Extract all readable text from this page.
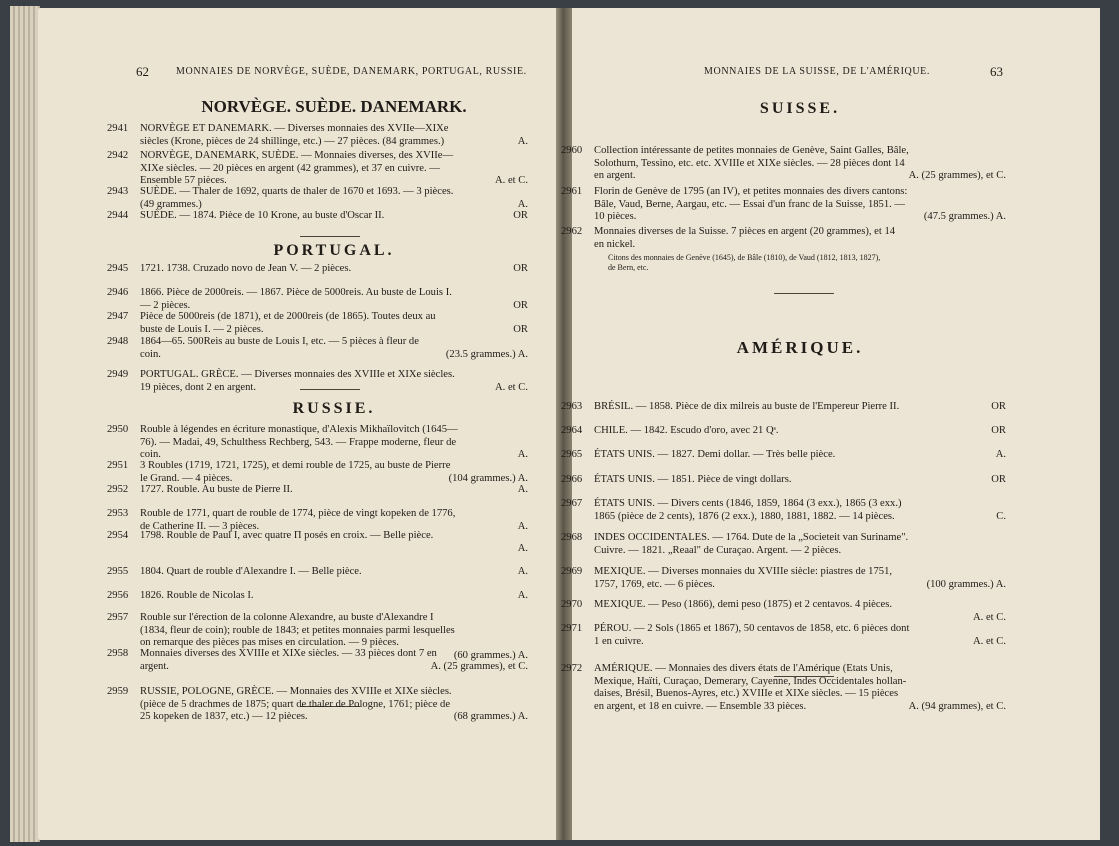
62	MONNAIES DE NORVÈGE, SUÈDE, DANEMARK, PORTUGAL, RUSSIE.
NORVÈGE. SUÈDE. DANEMARK.
2941	NORVÈGE ET DANEMARK. — Diverses monnaies des XVIIe—XIXe
siècles (Krone, pièces de 24 shillinge, etc.) — 27 pièces. (84 grammes.)	A.
2942	NORVÈGE, DANEMARK, SUÈDE. — Monnaies diverses, des XVIIe—
XIXe siècles. — 20 pièces en argent (42 grammes), et 37 en cuivre. —
Ensemble 57 pièces.	A. et C.
2943	SUÈDE. — Thaler de 1692, quarts de thaler de 1670 et 1693. — 3 pièces.
(49 grammes.)	A.
2944	SUÈDE. — 1874. Pièce de 10 Krone, au buste d'Oscar II.	OR
PORTUGAL.
2945	1721. 1738. Cruzado novo de Jean V. — 2 pièces.	OR
2946	1866. Pièce de 2000reis. — 1867. Pièce de 5000reis. Au buste de Louis I.
— 2 pièces.	OR
2947	Pièce de 5000reis (de 1871), et de 2000reis (de 1865). Toutes deux au
buste de Louis I. — 2 pièces.	OR
2948	1864—65. 500Reis au buste de Louis I, etc. — 5 pièces à fleur de
coin.	(23.5 grammes.) A.
2949	PORTUGAL. GRÈCE. — Diverses monnaies des XVIIIe et XIXe siècles.
19 pièces, dont 2 en argent.	A. et C.
RUSSIE.
2950	Rouble à légendes en écriture monastique, d'Alexis Mikhaïlovitch (1645—
76). — Madai, 49, Schulthess Rechberg, 543. — Frappe moderne, fleur de
coin.	A.
2951	3 Roubles (1719, 1721, 1725), et demi rouble de 1725, au buste de Pierre
le Grand. — 4 pièces.	(104 grammes.) A.
2952	1727. Rouble. Au buste de Pierre II.	A.
2953	Rouble de 1771, quart de rouble de 1774, pièce de vingt kopeken de 1776,
de Catherine II. — 3 pièces.	A.
2954	1798. Rouble de Paul I, avec quatre Π posés en croix. — Belle pièce.
A.
2955	1804. Quart de rouble d'Alexandre I. — Belle pièce.	A.
2956	1826. Rouble de Nicolas I.	A.
2957	Rouble sur l'érection de la colonne Alexandre, au buste d'Alexandre I
(1834, fleur de coin); rouble de 1843; et petites monnaies parmi lesquelles
on remarque des pièces pas mises en circulation. — 9 pièces.
(60 grammes.) A.
2958	Monnaies diverses des XVIIIe et XIXe siècles. — 33 pièces dont 7 en
argent.	A. (25 grammes), et C.
2959	RUSSIE, POLOGNE, GRÈCE. — Monnaies des XVIIIe et XIXe siècles.
(pièce de 5 drachmes de 1875; quart de thaler de Pologne, 1761; pièce de
25 kopeken de 1837, etc.) — 12 pièces.	(68 grammes.) A.
63
MONNAIES DE LA SUISSE, DE L'AMÉRIQUE.
SUISSE.
2960	Collection intéressante de petites monnaies de Genève, Saint Galles, Bâle,
Solothurn, Tessino, etc. etc. XVIIIe et XIXe siècles. — 28 pièces dont 14
en argent.	A. (25 grammes), et C.
2961	Florin de Genève de 1795 (an IV), et petites monnaies des divers cantons:
Bâle, Vaud, Berne, Aargau, etc. — Essai d'un franc de la Suisse, 1851. —
10 pièces.	(47.5 grammes.) A.
2962	Monnaies diverses de la Suisse. 7 pièces en argent (20 grammes), et 14
en nickel.
Citons des monnaies de Genève (1645), de Bâle (1810), de Vaud (1812, 1813, 1827),
de Bern, etc.
AMÉRIQUE.
2963	BRÉSIL. — 1858. Pièce de dix milreis au buste de l'Empereur Pierre II.	OR
2964	CHILE. — 1842. Escudo d'oro, avec 21 Qˢ.	OR
2965	ÉTATS UNIS. — 1827. Demi dollar. — Très belle pièce.	A.
2966	ÉTATS UNIS. — 1851. Pièce de vingt dollars.	OR
2967	ÉTATS UNIS. — Divers cents (1846, 1859, 1864 (3 exx.), 1865 (3 exx.)
1865 (pièce de 2 cents), 1876 (2 exx.), 1880, 1881, 1882. — 14 pièces.	C.
2968	INDES OCCIDENTALES. — 1764. Dute de la „Societeit van Suriname".
Cuivre. — 1821. „Reaal" de Curaçao. Argent. — 2 pièces.
2969	MEXIQUE. — Diverses monnaies du XVIIIe siècle: piastres de 1751,
1757, 1769, etc. — 6 pièces.	(100 grammes.) A.
2970	MEXIQUE. — Peso (1866), demi peso (1875) et 2 centavos. 4 pièces.
A. et C.
2971	PÉROU. — 2 Sols (1865 et 1867), 50 centavos de 1858, etc. 6 pièces dont
1 en cuivre.	A. et C.
2972	AMÉRIQUE. — Monnaies des divers états de l'Amérique (Etats Unis,
Mexique, Haïti, Curaçao, Demerary, Cayenne, Indes Occidentales hollan-
daises, Brésil, Buenos-Ayres, etc.) XVIIIe et XIXe siècles. — 15 pièces
en argent, et 18 en cuivre. — Ensemble 33 pièces.	A. (94 grammes), et C.
